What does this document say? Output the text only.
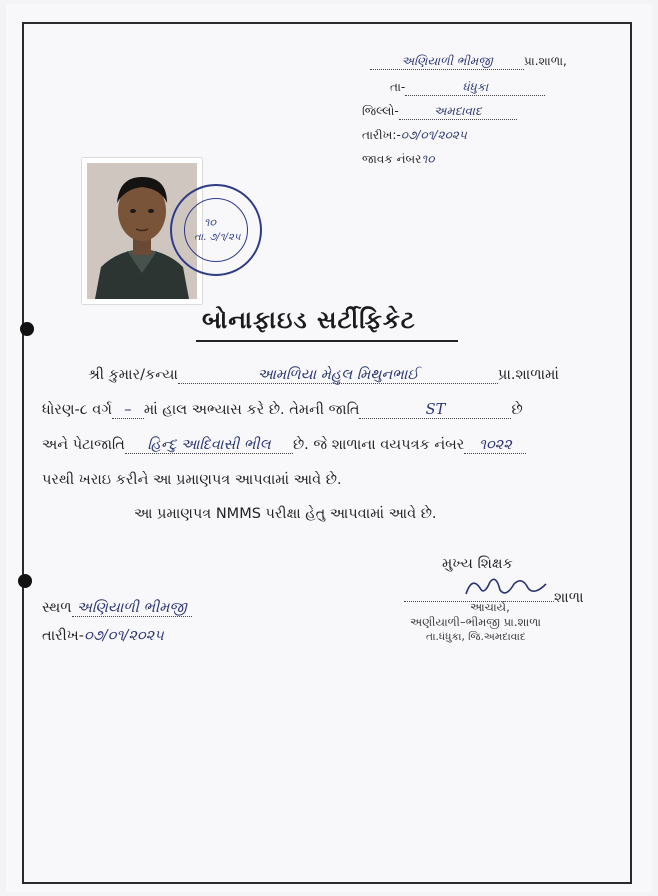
અણિયાળી ભીમજી	પ્રા.શાળા,
તા-	ધંધુકા
જિલ્લો-	અમદાવાદ
તારીખ:-૦૭/૦૧/૨૦૨૫
જાવક નંબર૧૦
૧૦
તા. ૭/૧/૨૫
બોનાફાઇડ સર્ટીફિકેટ
શ્રી કુમાર/કન્યા	આમળિયા મેહુલ મિથુનભાઈ	પ્રા.શાળામાં
ધોરણ-૮ વર્ગ – માં હાલ અભ્યાસ કરે છે. તેમની જાતિ	ST	છે
અને પેટાજાતિ હિન્દુ આદિવાસી ભીલ છે. જે શાળાના વયપત્રક નંબર ૧૦૨૨
પરથી ખરાઇ કરીને આ પ્રમાણપત્ર આપવામાં આવે છે.
આ પ્રમાણપત્ર NMMS પરીક્ષા હેતુ આપવામાં આવે છે.
મુખ્ય શિક્ષક
શાળા
આચાર્ય,
અણીયાળી–ભીમજી પ્રા.શાળા
તા.ધંધુકા, જિ.અમદાવાદ
સ્થળ અણિયાળી ભીમજી
તારીખ-૦૭/૦૧/૨૦૨૫
